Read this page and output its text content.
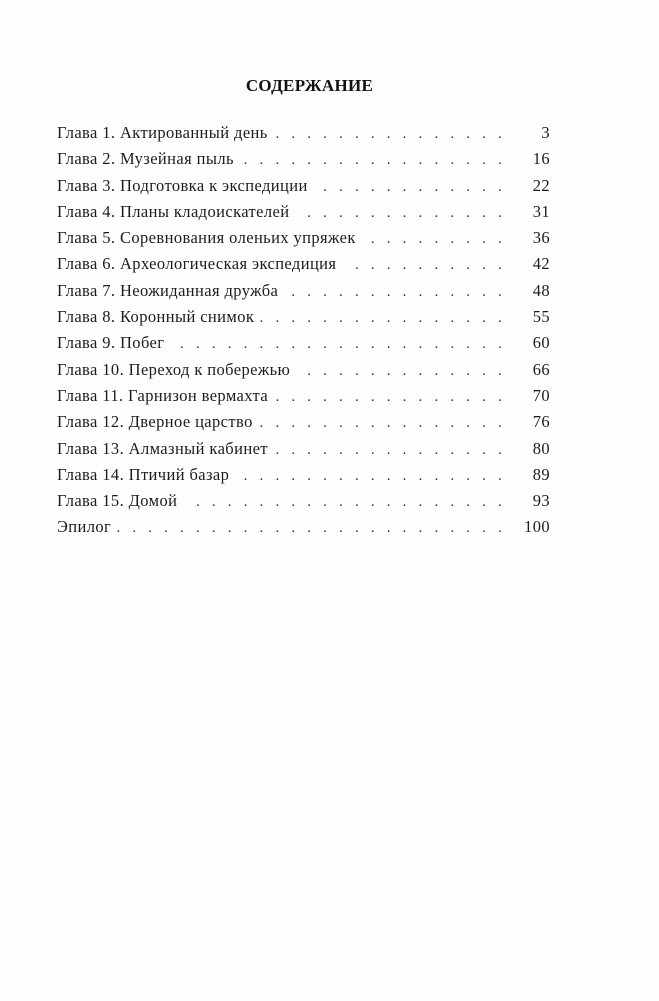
СОДЕРЖАНИЕ
Глава 1. Актированный день . . .	3
Глава 2. Музейная пыль . . .	16
Глава 3. Подготовка к экспедиции . . .	22
Глава 4. Планы кладоискателей . . .	31
Глава 5. Соревнования оленьих упряжек . . .	36
Глава 6. Археологическая экспедиция . . .	42
Глава 7. Неожиданная дружба . . .	48
Глава 8. Коронный снимок . . .	55
Глава 9. Побег . . .	60
Глава 10. Переход к побережью . . .	66
Глава 11. Гарнизон вермахта . . .	70
Глава 12. Дверное царство . . .	76
Глава 13. Алмазный кабинет . . .	80
Глава 14. Птичий базар . . .	89
Глава 15. Домой . . .	93
Эпилог . . .	100
